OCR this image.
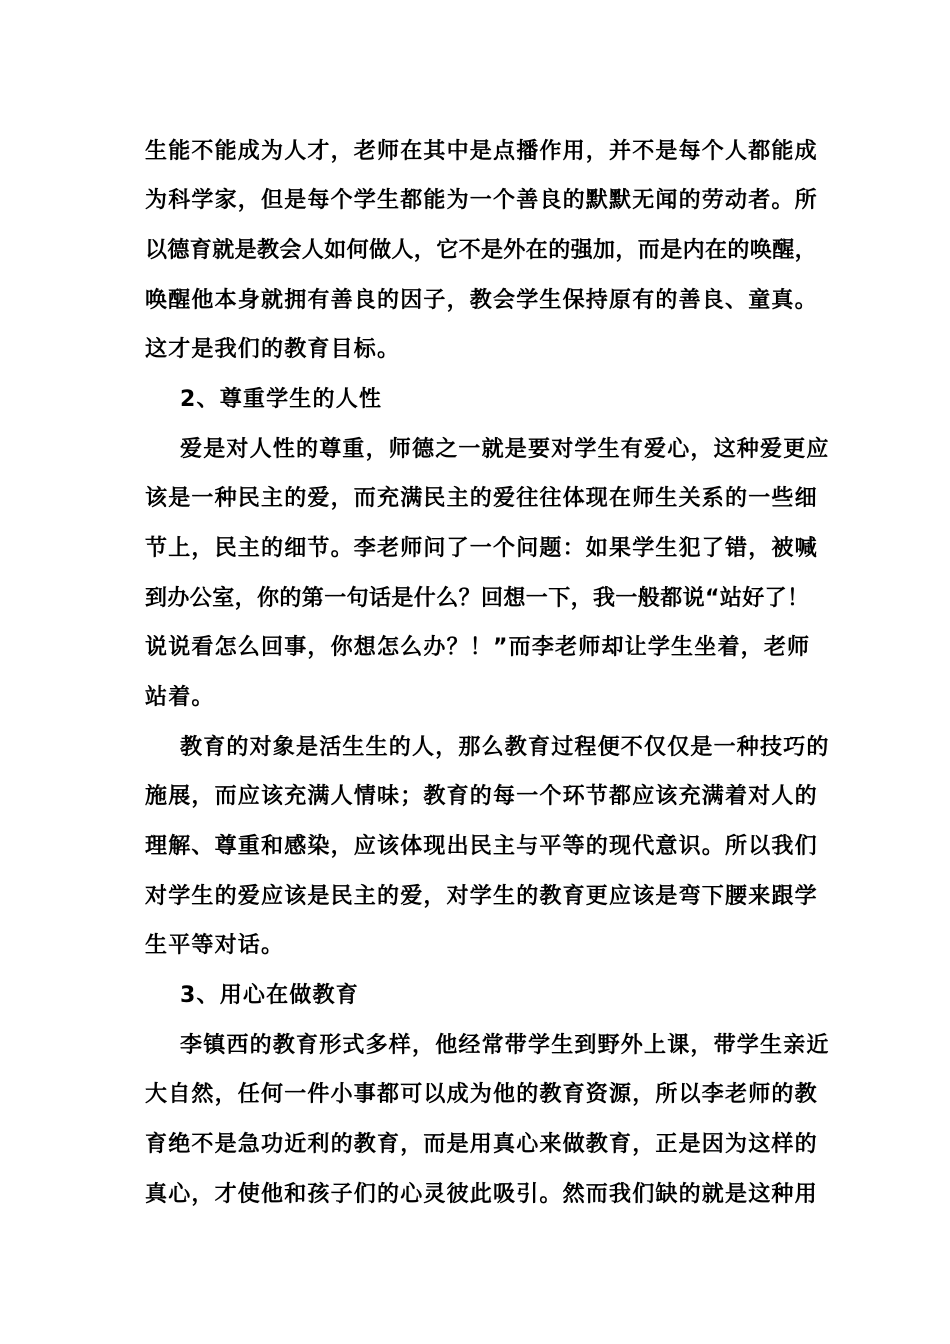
生能不能成为人才，老师在其中是点播作用，并不是每个人都能成
为科学家，但是每个学生都能为一个善良的默默无闻的劳动者。所
以德育就是教会人如何做人，它不是外在的强加，而是内在的唤醒，
唤醒他本身就拥有善良的因子，教会学生保持原有的善良、童真。
这才是我们的教育目标。
2、尊重学生的人性
爱是对人性的尊重，师德之一就是要对学生有爱心，这种爱更应
该是一种民主的爱，而充满民主的爱往往体现在师生关系的一些细
节上，民主的细节。李老师问了一个问题：如果学生犯了错，被喊
到办公室，你的第一句话是什么？回想一下，我一般都说“站好了！
说说看怎么回事，你想怎么办？！”而李老师却让学生坐着，老师
站着。
教育的对象是活生生的人，那么教育过程便不仅仅是一种技巧的
施展，而应该充满人情味；教育的每一个环节都应该充满着对人的
理解、尊重和感染，应该体现出民主与平等的现代意识。所以我们
对学生的爱应该是民主的爱，对学生的教育更应该是弯下腰来跟学
生平等对话。
3、用心在做教育
李镇西的教育形式多样，他经常带学生到野外上课，带学生亲近
大自然，任何一件小事都可以成为他的教育资源，所以李老师的教
育绝不是急功近利的教育，而是用真心来做教育，正是因为这样的
真心，才使他和孩子们的心灵彼此吸引。然而我们缺的就是这种用
